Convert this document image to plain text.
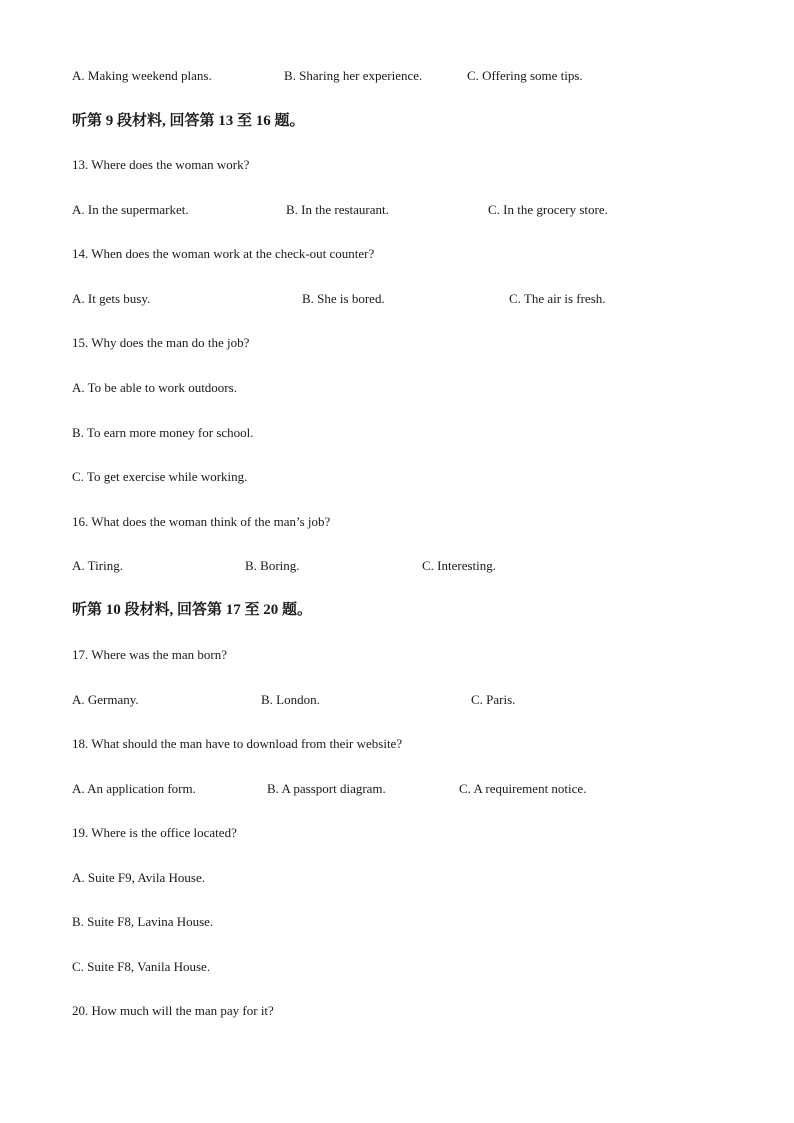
A. Making weekend plans.	B. Sharing her experience.	C. Offering some tips.
听第 9 段材料, 回答第 13 至 16 题。
13. Where does the woman work?
A. In the supermarket.	B. In the restaurant.	C. In the grocery store.
14. When does the woman work at the check-out counter?
A. It gets busy.	B. She is bored.	C. The air is fresh.
15. Why does the man do the job?
A. To be able to work outdoors.
B. To earn more money for school.
C. To get exercise while working.
16. What does the woman think of the man’s job?
A. Tiring.	B. Boring.	C. Interesting.
听第 10 段材料, 回答第 17 至 20 题。
17. Where was the man born?
A. Germany.	B. London.	C. Paris.
18. What should the man have to download from their website?
A. An application form.	B. A passport diagram.	C. A requirement notice.
19. Where is the office located?
A. Suite F9, Avila House.
B. Suite F8, Lavina House.
C. Suite F8, Vanila House.
20. How much will the man pay for it?
